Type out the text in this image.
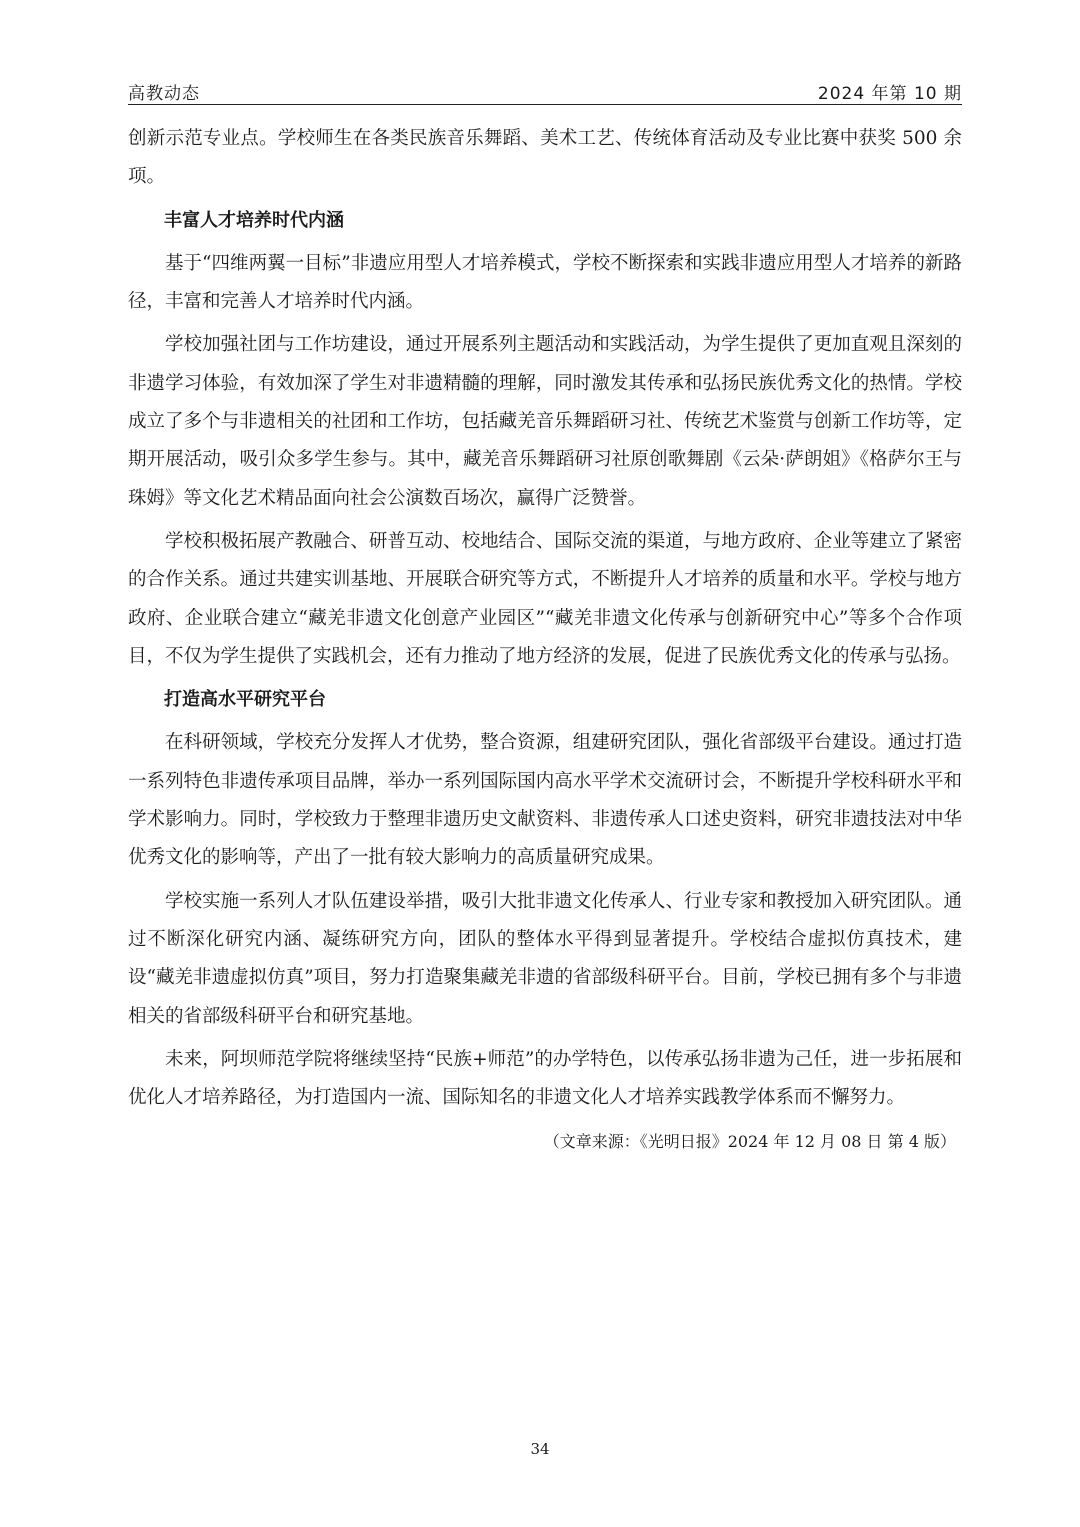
高教动态	2024 年第 10 期

创新示范专业点。学校师生在各类民族音乐舞蹈、美术工艺、传统体育活动及专业比赛中获奖 500 余项。

丰富人才培养时代内涵

基于“四维两翼一目标”非遗应用型人才培养模式，学校不断探索和实践非遗应用型人才培养的新路径，丰富和完善人才培养时代内涵。

学校加强社团与工作坊建设，通过开展系列主题活动和实践活动，为学生提供了更加直观且深刻的非遗学习体验，有效加深了学生对非遗精髓的理解，同时激发其传承和弘扬民族优秀文化的热情。学校成立了多个与非遗相关的社团和工作坊，包括藏羌音乐舞蹈研习社、传统艺术鉴赏与创新工作坊等，定期开展活动，吸引众多学生参与。其中，藏羌音乐舞蹈研习社原创歌舞剧《云朵·萨朗姐》《格萨尔王与珠姆》等文化艺术精品面向社会公演数百场次，赢得广泛赞誉。

学校积极拓展产教融合、研普互动、校地结合、国际交流的渠道，与地方政府、企业等建立了紧密的合作关系。通过共建实训基地、开展联合研究等方式，不断提升人才培养的质量和水平。学校与地方政府、企业联合建立“藏羌非遗文化创意产业园区”“藏羌非遗文化传承与创新研究中心”等多个合作项目，不仅为学生提供了实践机会，还有力推动了地方经济的发展，促进了民族优秀文化的传承与弘扬。

打造高水平研究平台

在科研领域，学校充分发挥人才优势，整合资源，组建研究团队，强化省部级平台建设。通过打造一系列特色非遗传承项目品牌，举办一系列国际国内高水平学术交流研讨会，不断提升学校科研水平和学术影响力。同时，学校致力于整理非遗历史文献资料、非遗传承人口述史资料，研究非遗技法对中华优秀文化的影响等，产出了一批有较大影响力的高质量研究成果。

学校实施一系列人才队伍建设举措，吸引大批非遗文化传承人、行业专家和教授加入研究团队。通过不断深化研究内涵、凝练研究方向，团队的整体水平得到显著提升。学校结合虚拟仿真技术，建设“藏羌非遗虚拟仿真”项目，努力打造聚集藏羌非遗的省部级科研平台。目前，学校已拥有多个与非遗相关的省部级科研平台和研究基地。

未来，阿坝师范学院将继续坚持“民族+师范”的办学特色，以传承弘扬非遗为己任，进一步拓展和优化人才培养路径，为打造国内一流、国际知名的非遗文化人才培养实践教学体系而不懈努力。

（文章来源：《光明日报》2024 年 12 月 08 日 第 4 版）

34
